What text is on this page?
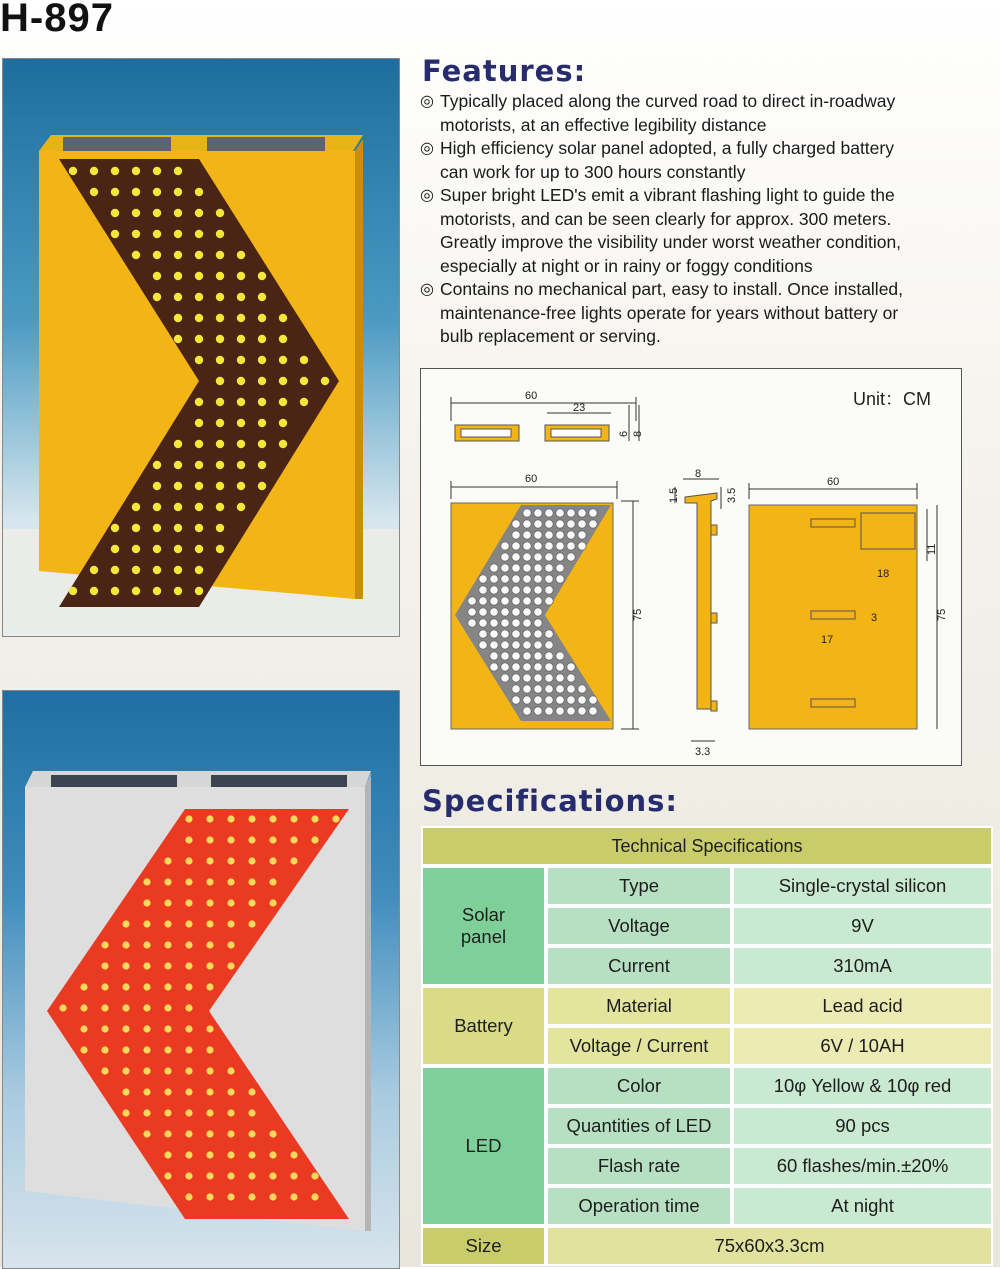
H-897
Features:
◎ Typically placed along the curved road to direct in-roadway
motorists, at an effective legibility distance
◎ High efficiency solar panel adopted, a fully charged battery
can work for up to 300 hours constantly
◎ Super bright LED's emit a vibrant flashing light to guide the
motorists, and can be seen clearly for approx. 300 meters.
Greatly improve the visibility under worst weather condition,
especially at night or in rainy or foggy conditions
◎ Contains no mechanical part, easy to install. Once installed,
maintenance-free lights operate for years without battery or
bulb replacement or serving.
Unit：CM
60
23
6 8
60
75
8
1.5	3.5
3.3
60
18
11
17
3	75
Specifications:
Technical Specifications		
Solar
panel	Type	Single-crystal silicon
	Voltage	9V
	Current	310mA
Battery	Material	Lead acid
	Voltage / Current	6V / 10AH
LED	Color	10φ Yellow & 10φ red
	Quantities of LED	90 pcs
	Flash rate	60 flashes/min.±20%
	Operation time	At night
Size	75x60x3.3cm	
